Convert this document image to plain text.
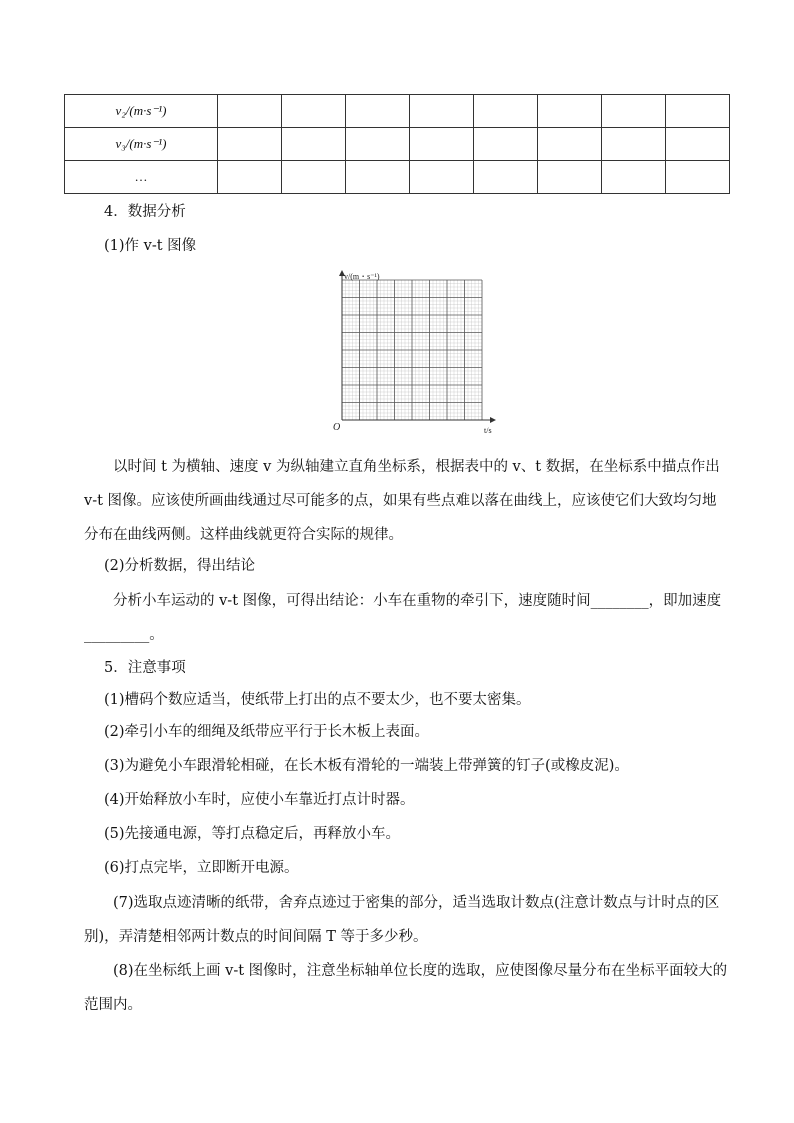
v₂/(m·s⁻¹)								
v₃/(m·s⁻¹)								
…								
4．数据分析
(1)作 v-t 图像
v/(m・s⁻¹)
t/s
O
以时间 t 为横轴、速度 v 为纵轴建立直角坐标系，根据表中的 v、t 数据，在坐标系中描点作出 v-t 图像。应该使所画曲线通过尽可能多的点，如果有些点难以落在曲线上，应该使它们大致均匀地分布在曲线两侧。这样曲线就更符合实际的规律。
(2)分析数据，得出结论
分析小车运动的 v-t 图像，可得出结论：小车在重物的牵引下，速度随时间________，即加速度_________。
5．注意事项
(1)槽码个数应适当，使纸带上打出的点不要太少，也不要太密集。
(2)牵引小车的细绳及纸带应平行于长木板上表面。
(3)为避免小车跟滑轮相碰，在长木板有滑轮的一端装上带弹簧的钉子(或橡皮泥)。
(4)开始释放小车时，应使小车靠近打点计时器。
(5)先接通电源，等打点稳定后，再释放小车。
(6)打点完毕，立即断开电源。
(7)选取点迹清晰的纸带，舍弃点迹过于密集的部分，适当选取计数点(注意计数点与计时点的区别)，弄清楚相邻两计数点的时间间隔 T 等于多少秒。
(8)在坐标纸上画 v-t 图像时，注意坐标轴单位长度的选取，应使图像尽量分布在坐标平面较大的范围内。
